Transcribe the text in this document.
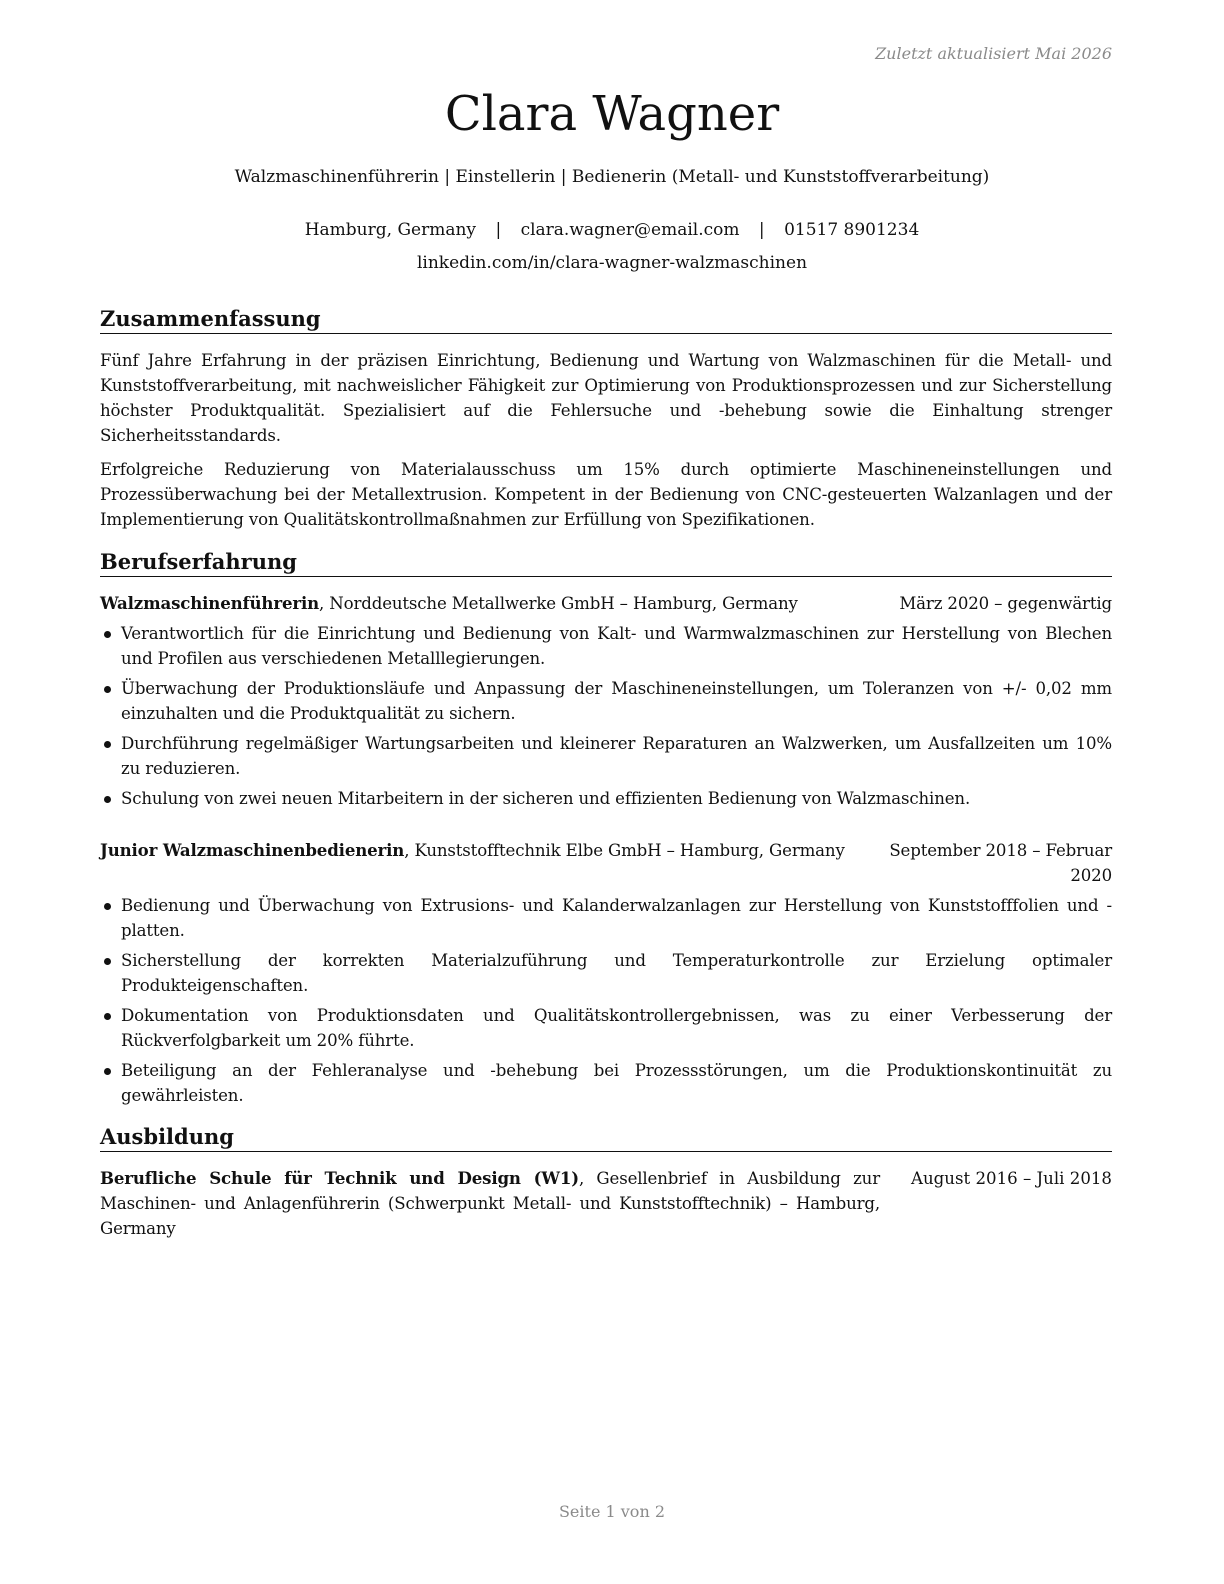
Zuletzt aktualisiert Mai 2026
Clara Wagner
Walzmaschinenführerin | Einstellerin | Bedienerin (Metall- und Kunststoffverarbeitung)
Hamburg, Germany | clara.wagner@email.com | 01517 8901234
linkedin.com/in/clara-wagner-walzmaschinen
Zusammenfassung

Fünf Jahre Erfahrung in der präzisen Einrichtung, Bedienung und Wartung von Walzmaschinen für die Metall- und Kunststoffverarbeitung, mit nachweislicher Fähigkeit zur Optimierung von Produktionsprozessen und zur Sicherstellung höchster Produktqualität. Spezialisiert auf die Fehlersuche und -behebung sowie die Einhaltung strenger Sicherheitsstandards.

Erfolgreiche Reduzierung von Materialausschuss um 15% durch optimierte Maschineneinstellungen und Prozessüberwachung bei der Metallextrusion. Kompetent in der Bedienung von CNC-gesteuerten Walzanlagen und der Implementierung von Qualitätskontrollmaßnahmen zur Erfüllung von Spezifikationen.

Berufserfahrung
Walzmaschinenführerin, Norddeutsche Metallwerke GmbH – Hamburg, Germany	März 2020 – gegenwärtig
Verantwortlich für die Einrichtung und Bedienung von Kalt- und Warmwalzmaschinen zur Herstellung von Blechen und Profilen aus verschiedenen Metalllegierungen.
Überwachung der Produktionsläufe und Anpassung der Maschineneinstellungen, um Toleranzen von +/- 0,02 mm einzuhalten und die Produktqualität zu sichern.
Durchführung regelmäßiger Wartungsarbeiten und kleinerer Reparaturen an Walzwerken, um Ausfallzeiten um 10% zu reduzieren.
Schulung von zwei neuen Mitarbeitern in der sicheren und effizienten Bedienung von Walzmaschinen.
Junior Walzmaschinenbedienerin, Kunststofftechnik Elbe GmbH – Hamburg, Germany	September 2018 – Februar
2020
Bedienung und Überwachung von Extrusions- und Kalanderwalzanlagen zur Herstellung von Kunststofffolien und -platten.
Sicherstellung der korrekten Materialzuführung und Temperaturkontrolle zur Erzielung optimaler Produkteigenschaften.
Dokumentation von Produktionsdaten und Qualitätskontrollergebnissen, was zu einer Verbesserung der Rückverfolgbarkeit um 20% führte.
Beteiligung an der Fehleranalyse und -behebung bei Prozessstörungen, um die Produktionskontinuität zu gewährleisten.
Ausbildung
Berufliche Schule für Technik und Design (W1), Gesellenbrief in Ausbildung zur Maschinen- und Anlagenführerin (Schwerpunkt Metall- und Kunststofftechnik) – Hamburg, Germany
August 2016 – Juli 2018
Seite 1 von 2
